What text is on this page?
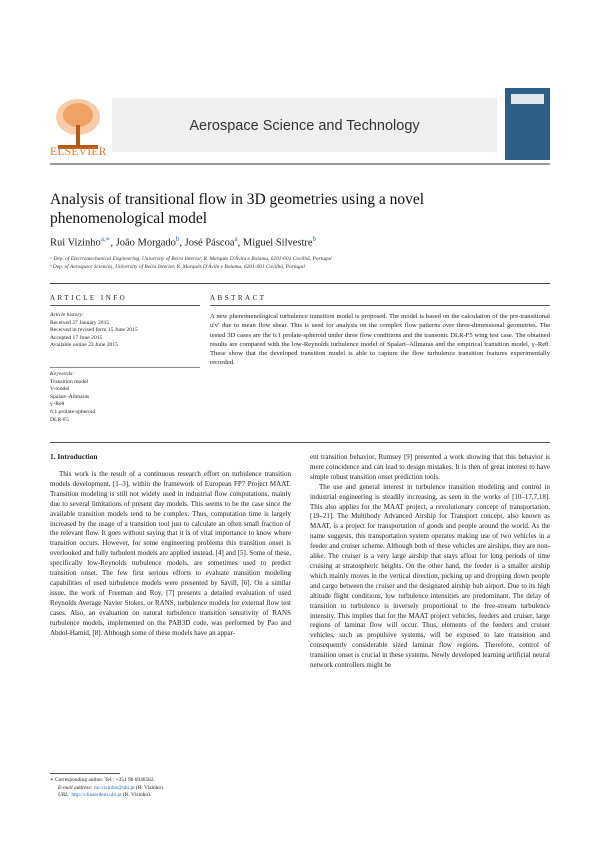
ELSEVIER
Aerospace Science and Technology
Analysis of transitional flow in 3D geometries using a novel phenomenological model
Rui Vizinho$^{a,∗}$, João Morgado$^b$, José Páscoa$^a$, Miguel Silvestre$^b$
ᵃ Dep. of Electromechanical Engineering, University of Beira Interior, R. Marquês D'Ávila e Bolama, 6201-001 Covilhã, Portugal
ᵇ Dep. of Aerospace Sciences, University of Beira Interior, R. Marquês D'Ávila e Bolama, 6201-001 Covilhã, Portugal
ARTICLE INFO	ABSTRACT
Article history:
Received 27 January 2015
Received in revised form 15 June 2015
Accepted 17 June 2015
Available online 22 June 2015
Keywords:
Transition model
V-model
Spalart–Allmaras
γ–Reθ
6:1 prolate-spheroid
DLR-F5
A new phenomenological turbulence transition model is proposed. The model is based on the calculation of the pre-transitional u′v′ due to mean flow shear. This is used for analysis on the complex flow patterns over three-dimensional geometries. The tested 3D cases are the 6:1 prolate-spheroid under three flow conditions and the transonic DLR-F5 wing test case. The obtained results are compared with the low-Reynolds turbulence model of Spalart–Allmaras and the empirical transition model, γ–Reθ. These show that the developed transition model is able to capture the flow turbulence transition features experimentally recorded.
1. Introduction

This work is the result of a continuous research effort on turbulence transition models development, [1–3], within the framework of European FP7 Project MAAT. Transition modeling is still not widely used in industrial flow computations, mainly due to several limitations of present day models. This seems to be the case since the available transition models tend to be complex. Thus, computation time is largely increased by the usage of a transition tool just to calculate an often small fraction of the relevant flow. It goes without saying that it is of vital importance to know where transition occurs. However, for some engineering problems this transition onset is overlooked and fully turbulent models are applied instead, [4] and [5]. Some of these, specifically low-Reynolds turbulence models, are sometimes used to predict transition onset. The few first serious efforts to evaluate transition modeling capabilities of used turbulence models were presented by Savill, [6]. On a similar issue, the work of Freeman and Roy, [7] presents a detailed evaluation of used Reynolds Average Navier Stokes, or RANS, turbulence models for external flow test cases. Also, an evaluation on natural turbulence transition sensitivity of RANS turbulence models, implemented on the PAB3D code, was performed by Pao and Abdol-Hamid, [8]. Although some of these models have an appar-

ent transition behavior, Rumsey [9] presented a work showing that this behavior is mere coincidence and can lead to design mistakes. It is then of great interest to have simple robust transition onset prediction tools.

The use and general interest in turbulence transition modeling and control in industrial engineering is steadily increasing, as seen in the works of [10–17,7,18]. This also applies for the MAAT project, a revolutionary concept of transportation, [19–21]. The Multibody Advanced Airship for Transport concept, also known as MAAT, is a project for transportation of goods and people around the world. As the name suggests, this transportation system operates making use of two vehicles in a feeder and cruiser scheme. Although both of these vehicles are airships, they are non-alike. The cruiser is a very large airship that stays afloat for long periods of time cruising at stratospheric heights. On the other hand, the feeder is a smaller airship which mainly moves in the vertical direction, picking up and dropping down people and cargo between the cruiser and the designated airship hub airport. Due to its high altitude flight conditions, low turbulence intensities are predominant. The delay of transition to turbulence is inversely proportional to the free-stream turbulence intensity. This implies that for the MAAT project vehicles, feeders and cruiser, large regions of laminar flow will occur. Thus, elements of the feeders and cruiser vehicles, such as propulsive systems, will be exposed to late transition and consequently considerable sized laminar flow regions. Therefore, control of transition onset is crucial in these systems. Newly developed learning artificial neural network controllers might be

∗ Corresponding author. Tel.: +351 96 6940582.
E-mail address: rui.vizinho@ubi.pt (R. Vizinho).
URL: http://clusterdem.ubi.pt (R. Vizinho).
